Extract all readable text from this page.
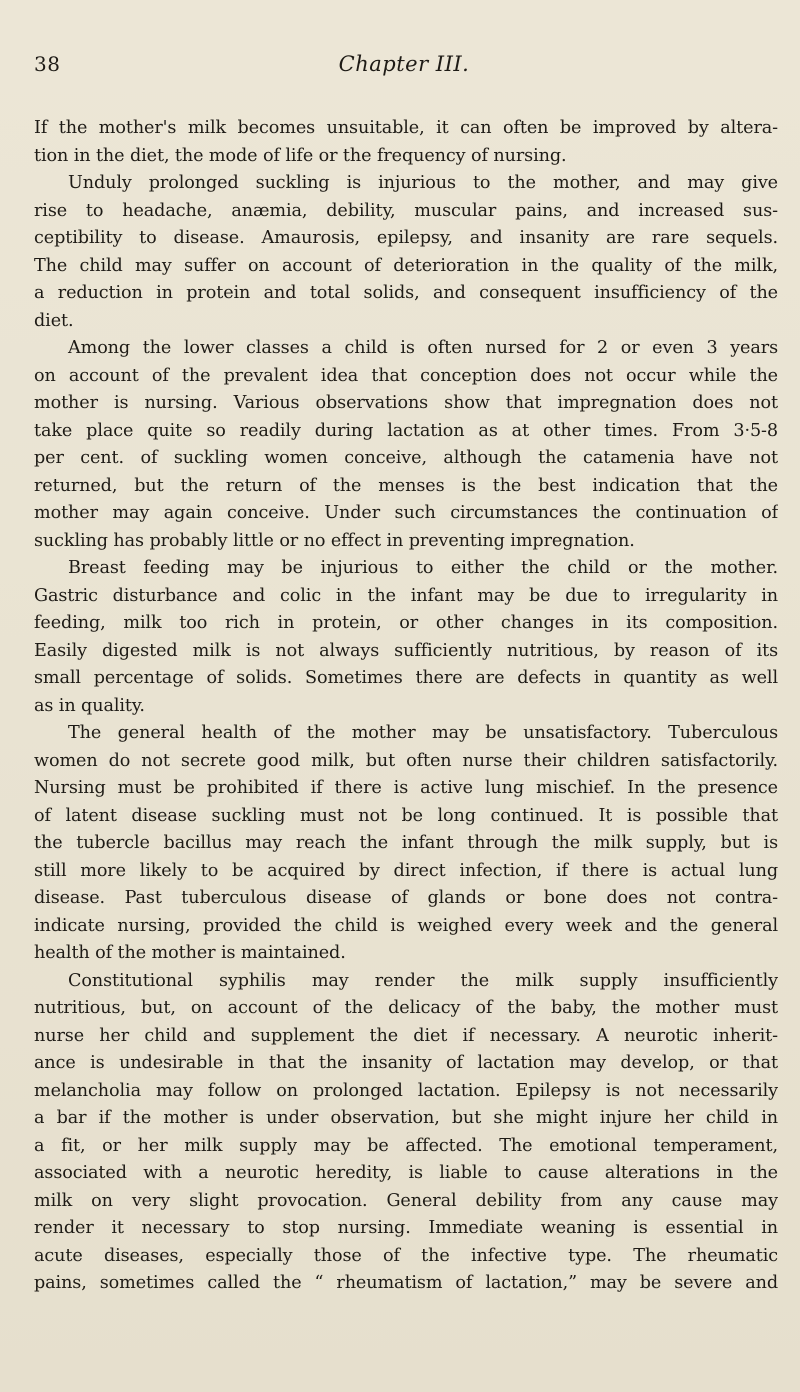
38	Chapter III.
If the mother's milk becomes unsuitable, it can often be improved by altera-
tion in the diet, the mode of life or the frequency of nursing.
Unduly prolonged suckling is injurious to the mother, and may give
rise to headache, anæmia, debility, muscular pains, and increased sus-
ceptibility to disease. Amaurosis, epilepsy, and insanity are rare sequels.
The child may suffer on account of deterioration in the quality of the milk,
a reduction in protein and total solids, and consequent insufficiency of the
diet.
Among the lower classes a child is often nursed for 2 or even 3 years
on account of the prevalent idea that conception does not occur while the
mother is nursing. Various observations show that impregnation does not
take place quite so readily during lactation as at other times. From 3·5-8
per cent. of suckling women conceive, although the catamenia have not
returned, but the return of the menses is the best indication that the
mother may again conceive. Under such circumstances the continuation of
suckling has probably little or no effect in preventing impregnation.
Breast feeding may be injurious to either the child or the mother.
Gastric disturbance and colic in the infant may be due to irregularity in
feeding, milk too rich in protein, or other changes in its composition.
Easily digested milk is not always sufficiently nutritious, by reason of its
small percentage of solids. Sometimes there are defects in quantity as well
as in quality.
The general health of the mother may be unsatisfactory. Tuberculous
women do not secrete good milk, but often nurse their children satisfactorily.
Nursing must be prohibited if there is active lung mischief. In the presence
of latent disease suckling must not be long continued. It is possible that
the tubercle bacillus may reach the infant through the milk supply, but is
still more likely to be acquired by direct infection, if there is actual lung
disease. Past tuberculous disease of glands or bone does not contra-
indicate nursing, provided the child is weighed every week and the general
health of the mother is maintained.
Constitutional syphilis may render the milk supply insufficiently
nutritious, but, on account of the delicacy of the baby, the mother must
nurse her child and supplement the diet if necessary. A neurotic inherit-
ance is undesirable in that the insanity of lactation may develop, or that
melancholia may follow on prolonged lactation. Epilepsy is not necessarily
a bar if the mother is under observation, but she might injure her child in
a fit, or her milk supply may be affected. The emotional temperament,
associated with a neurotic heredity, is liable to cause alterations in the
milk on very slight provocation. General debility from any cause may
render it necessary to stop nursing. Immediate weaning is essential in
acute diseases, especially those of the infective type. The rheumatic
pains, sometimes called the “ rheumatism of lactation,” may be severe and
